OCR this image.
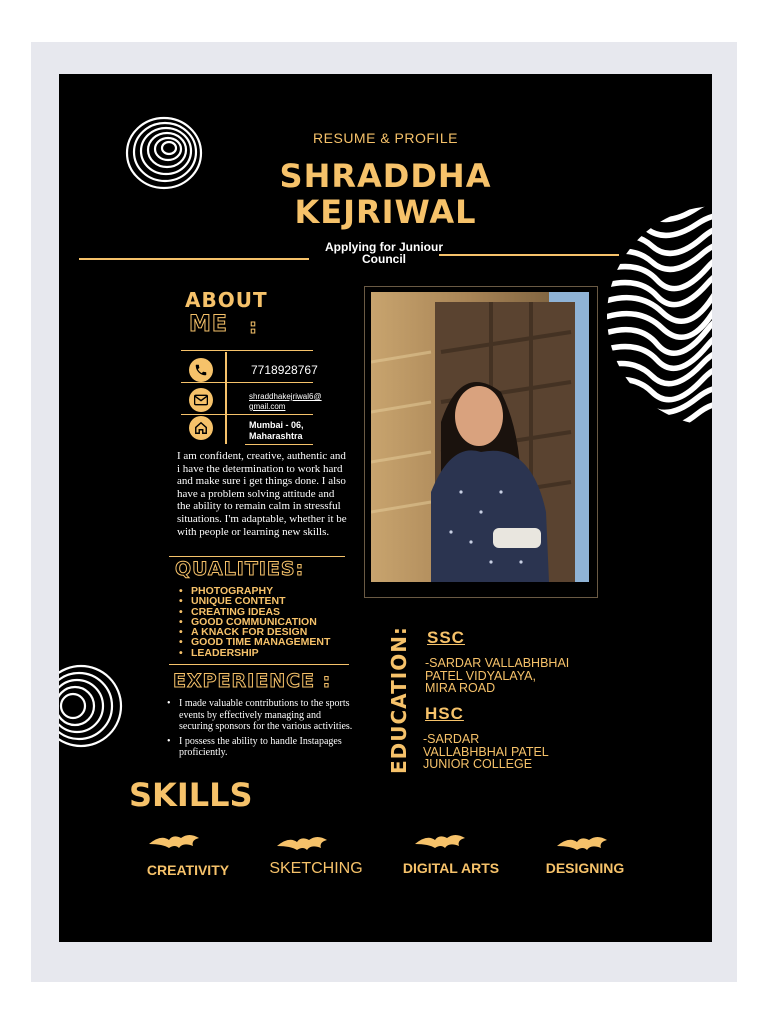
RESUME & PROFILE
SHRADDHA
KEJRIWAL
Applying for Juniour
Council
ABOUT
ME :
7718928767
shraddhakejriwal6@
gmail.com
Mumbai - 06,
Maharashtra
I am confident, creative, authentic and i have the determination to work hard and make sure i get things done. I also have a problem solving attitude and the ability to remain calm in stressful situations. I'm adaptable, whether it be with people or learning new skills.
QUALITIES:
• PHOTOGRAPHY
• UNIQUE CONTENT
• CREATING IDEAS
• GOOD COMMUNICATION
• A KNACK FOR DESIGN
• GOOD TIME MANAGEMENT
• LEADERSHIP
EXPERIENCE :
• I made valuable contributions to the sports events by effectively managing and securing sponsors for the various activities.
• I possess the ability to handle Instapages proficiently.	EDUCATION: SSC
-SARDAR VALLABHBHAI
PATEL VIDYALAYA,
MIRA ROAD
HSC
-SARDAR
VALLABHBHAI PATEL
JUNIOR COLLEGE
SKILLS
CREATIVITY	SKETCHING	DIGITAL ARTS	DESIGNING
